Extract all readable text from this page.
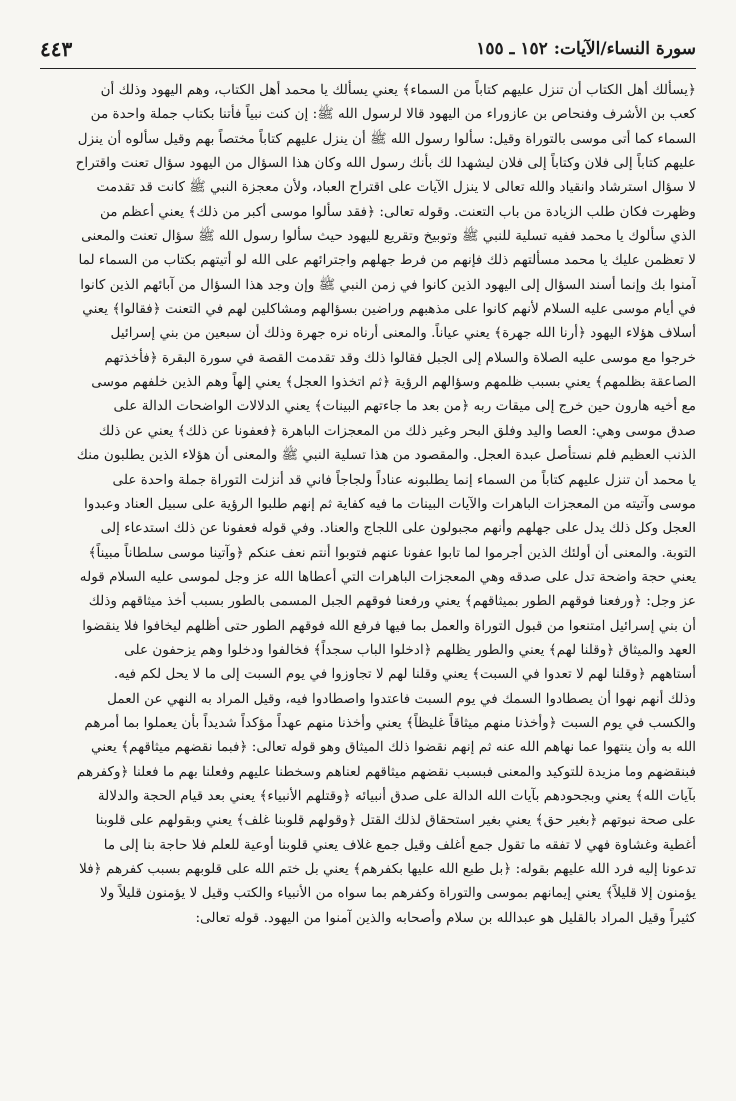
٤٤٣	سورة النساء/الآيات: ١٥٢ ـ ١٥٥
﴿يسألك أهل الكتاب أن تنزل عليهم كتاباً من السماء﴾ يعني يسألك يا محمد أهل الكتاب، وهم اليهود وذلك أن
كعب بن الأشرف وفنحاص بن عازوراء من اليهود قالا لرسول الله ﷺ: إن كنت نبياً فأتنا بكتاب جملة واحدة من
السماء كما أتى موسى بالتوراة وقيل: سألوا رسول الله ﷺ أن ينزل عليهم كتاباً مختصاً بهم وقيل سألوه أن ينزل
عليهم كتاباً إلى فلان وكتاباً إلى فلان ليشهدا لك بأنك رسول الله وكان هذا السؤال من اليهود سؤال تعنت واقتراح
لا سؤال استرشاد وانقياد والله تعالى لا ينزل الآيات على اقتراح العباد، ولأن معجزة النبي ﷺ كانت قد تقدمت
وظهرت فكان طلب الزيادة من باب التعنت. وقوله تعالى: ﴿فقد سألوا موسى أكبر من ذلك﴾ يعني أعظم من
الذي سألوك يا محمد ففيه تسلية للنبي ﷺ وتوبيخ وتقريع لليهود حيث سألوا رسول الله ﷺ سؤال تعنت والمعنى
لا تعظمن عليك يا محمد مسألتهم ذلك فإنهم من فرط جهلهم واجترائهم على الله لو أتيتهم بكتاب من السماء لما
آمنوا بك وإنما أسند السؤال إلى اليهود الذين كانوا في زمن النبي ﷺ وإن وجد هذا السؤال من آبائهم الذين كانوا
في أيام موسى عليه السلام لأنهم كانوا على مذهبهم وراضين بسؤالهم ومشاكلين لهم في التعنت ﴿فقالوا﴾ يعني
أسلاف هؤلاء اليهود ﴿أرنا الله جهرة﴾ يعني عياناً. والمعنى أرناه نره جهرة وذلك أن سبعين من بني إسرائيل
خرجوا مع موسى عليه الصلاة والسلام إلى الجبل فقالوا ذلك وقد تقدمت القصة في سورة البقرة ﴿فأخذتهم
الصاعقة بظلمهم﴾ يعني بسبب ظلمهم وسؤالهم الرؤية ﴿ثم اتخذوا العجل﴾ يعني إلهاً وهم الذين خلفهم موسى
مع أخيه هارون حين خرج إلى ميقات ربه ﴿من بعد ما جاءتهم البينات﴾ يعني الدلالات الواضحات الدالة على
صدق موسى وهي: العصا واليد وفلق البحر وغير ذلك من المعجزات الباهرة ﴿فعفونا عن ذلك﴾ يعني عن ذلك
الذنب العظيم فلم نستأصل عبدة العجل. والمقصود من هذا تسلية النبي ﷺ والمعنى أن هؤلاء الذين يطلبون منك
يا محمد أن تنزل عليهم كتاباً من السماء إنما يطلبونه عناداً ولجاجاً فاني قد أنزلت التوراة جملة واحدة على
موسى وآتيته من المعجزات الباهرات والآيات البينات ما فيه كفاية ثم إنهم طلبوا الرؤية على سبيل العناد وعبدوا
العجل وكل ذلك يدل على جهلهم وأنهم مجبولون على اللجاج والعناد. وفي قوله فعفونا عن ذلك استدعاء إلى
التوبة. والمعنى أن أولئك الذين أجرموا لما تابوا عفونا عنهم فتوبوا أنتم نعف عنكم ﴿وآتينا موسى سلطاناً مبيناً﴾
يعني حجة واضحة تدل على صدقه وهي المعجزات الباهرات التي أعطاها الله عز وجل لموسى عليه السلام قوله
عز وجل: ﴿ورفعنا فوقهم الطور بميثاقهم﴾ يعني ورفعنا فوقهم الجبل المسمى بالطور بسبب أخذ ميثاقهم وذلك
أن بني إسرائيل امتنعوا من قبول التوراة والعمل بما فيها فرفع الله فوقهم الطور حتى أظلهم ليخافوا فلا ينقضوا
العهد والميثاق ﴿وقلنا لهم﴾ يعني والطور يظلهم ﴿ادخلوا الباب سجداً﴾ فخالفوا ودخلوا وهم يزحفون على
أستاههم ﴿وقلنا لهم لا تعدوا في السبت﴾ يعني وقلنا لهم لا تجاوزوا في يوم السبت إلى ما لا يحل لكم فيه.
وذلك أنهم نهوا أن يصطادوا السمك في يوم السبت فاعتدوا واصطادوا فيه، وقيل المراد به النهي عن العمل
والكسب في يوم السبت ﴿وأخذنا منهم ميثاقاً غليظاً﴾ يعني وأخذنا منهم عهداً مؤكداً شديداً بأن يعملوا بما أمرهم
الله به وأن ينتهوا عما نهاهم الله عنه ثم إنهم نقضوا ذلك الميثاق وهو قوله تعالى: ﴿فبما نقضهم ميثاقهم﴾ يعني
فبنقضهم وما مزيدة للتوكيد والمعنى فبسبب نقضهم ميثاقهم لعناهم وسخطنا عليهم وفعلنا بهم ما فعلنا ﴿وكفرهم
بآيات الله﴾ يعني وبجحودهم بآيات الله الدالة على صدق أنبيائه ﴿وقتلهم الأنبياء﴾ يعني بعد قيام الحجة والدلالة
على صحة نبوتهم ﴿بغير حق﴾ يعني بغير استحقاق لذلك القتل ﴿وقولهم قلوبنا غلف﴾ يعني وبقولهم على قلوبنا
أغطية وغشاوة فهي لا تفقه ما تقول جمع أغلف وقيل جمع غلاف يعني قلوبنا أوعية للعلم فلا حاجة بنا إلى ما
تدعونا إليه فرد الله عليهم بقوله: ﴿بل طبع الله عليها بكفرهم﴾ يعني بل ختم الله على قلوبهم بسبب كفرهم ﴿فلا
يؤمنون إلا قليلاً﴾ يعني إيمانهم بموسى والتوراة وكفرهم بما سواه من الأنبياء والكتب وقيل لا يؤمنون قليلاً ولا
كثيراً وقيل المراد بالقليل هو عبدالله بن سلام وأصحابه والذين آمنوا من اليهود. قوله تعالى:
